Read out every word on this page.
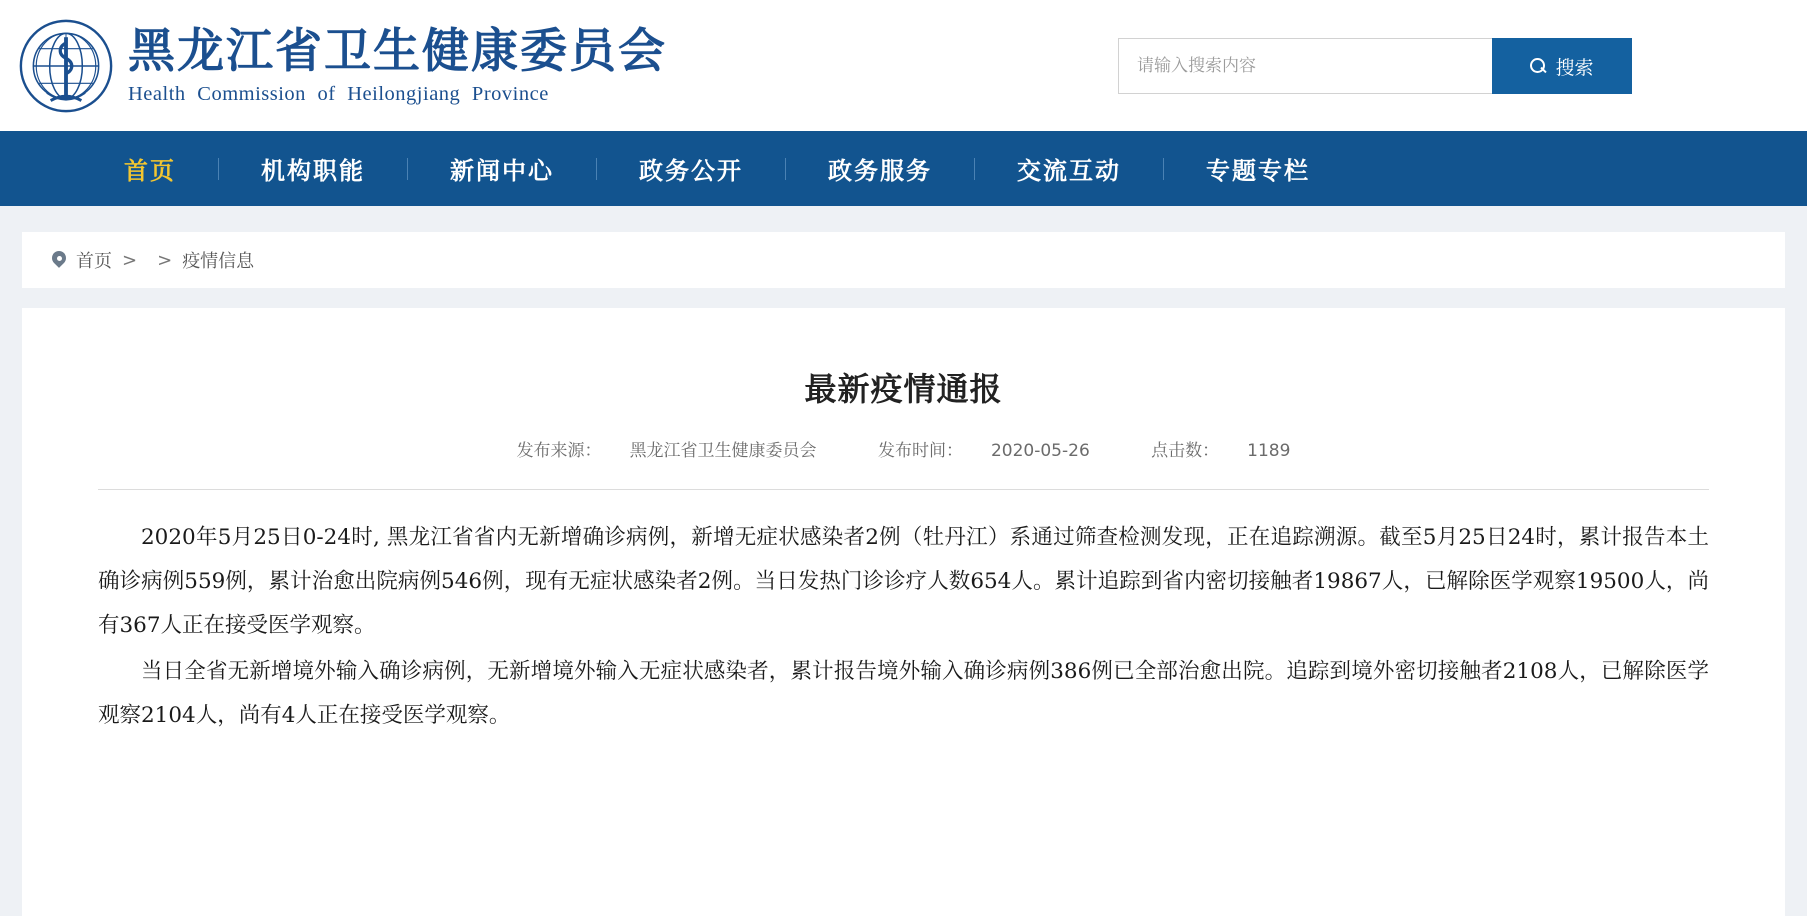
黑龙江省卫生健康委员会
Health Commission of Heilongjiang Province
请输入搜索内容
搜索
首页	机构职能	新闻中心	政务公开	政务服务	交流互动	专题专栏
首页 > > 疫情信息
最新疫情通报
发布来源： 黑龙江省卫生健康委员会	发布时间： 2020-05-26	点击数： 1189

2020年5月25日0-24时, 黑龙江省省内无新增确诊病例，新增无症状感染者2例（牡丹江）系通过筛查检测发现，正在追踪溯源。截至5月25日24时，累计报告本土确诊病例559例，累计治愈出院病例546例，现有无症状感染者2例。当日发热门诊诊疗人数654人。累计追踪到省内密切接触者19867人，已解除医学观察19500人，尚有367人正在接受医学观察。

当日全省无新增境外输入确诊病例，无新增境外输入无症状感染者，累计报告境外输入确诊病例386例已全部治愈出院。追踪到境外密切接触者2108人，已解除医学观察2104人，尚有4人正在接受医学观察。
